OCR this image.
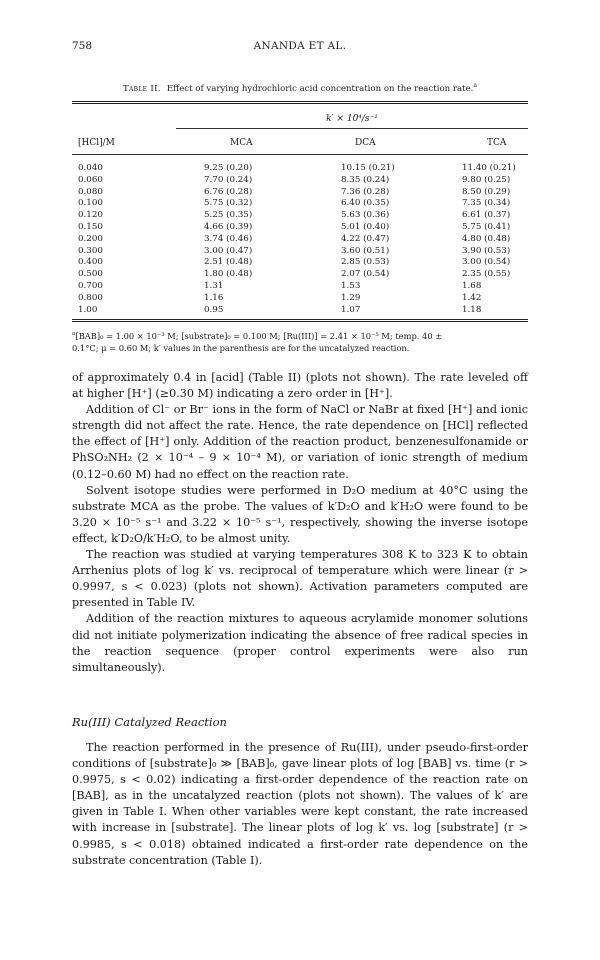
758	ANANDA ET AL.
Table II. Effect of varying hydrochloric acid concentration on the reaction rate.$^a$
k′ × 10⁴/s⁻¹
[HCl]/M	MCA	DCA	TCA
0.040	9.25 (0.20)	10.15 (0.21)	11.40 (0.21)
0.060	7.70 (0.24)	8.35 (0.24)	9.80 (0.25)
0.080	6.76 (0.28)	7.36 (0.28)	8.50 (0.29)
0.100	5.75 (0.32)	6.40 (0.35)	7.35 (0.34)
0.120	5.25 (0.35)	5.63 (0.36)	6.61 (0.37)
0.150	4.66 (0.39)	5.01 (0.40)	5.75 (0.41)
0.200	3.74 (0.46)	4.22 (0.47)	4.80 (0.48)
0.300	3.00 (0.47)	3.60 (0.51)	3.90 (0.53)
0.400	2.51 (0.48)	2.85 (0.53)	3.00 (0.54)
0.500	1.80 (0.48)	2.07 (0.54)	2.35 (0.55)
0.700	1.31	1.53	1.68
0.800	1.16	1.29	1.42
1.00	0.95	1.07	1.18
$^a$[BAB]₀ = 1.00 × 10⁻³ M; [substrate]₀ = 0.100 M; [Ru(III)] = 2.41 × 10⁻⁵ M; temp. 40 ±
0.1°C; μ = 0.60 M; k′ values in the parenthesis are for the uncatalyzed reaction.

of approximately 0.4 in [acid] (Table II) (plots not shown). The rate leveled off at higher [H⁺] (≥0.30 M) indicating a zero order in [H⁺].

Addition of Cl⁻ or Br⁻ ions in the form of NaCl or NaBr at fixed [H⁺] and ionic strength did not affect the rate. Hence, the rate dependence on [HCl] reflected the effect of [H⁺] only. Addition of the reaction product, benzenesulfonamide or PhSO₂NH₂ (2 × 10⁻⁴ – 9 × 10⁻⁴ M), or variation of ionic strength of medium (0.12–0.60 M) had no effect on the reaction rate.

Solvent isotope studies were performed in D₂O medium at 40°C using the substrate MCA as the probe. The values of k′D₂O and k′H₂O were found to be 3.20 × 10⁻⁵ s⁻¹ and 3.22 × 10⁻⁵ s⁻¹, respectively, showing the inverse isotope effect, k′D₂O/k′H₂O, to be almost unity.

The reaction was studied at varying temperatures 308 K to 323 K to obtain Arrhenius plots of log k′ vs. reciprocal of temperature which were linear (r > 0.9997, s < 0.023) (plots not shown). Activation parameters computed are presented in Table IV.

Addition of the reaction mixtures to aqueous acrylamide monomer solutions did not initiate polymerization indicating the absence of free radical species in the reaction sequence (proper control experiments were also run simultaneously).

Ru(III) Catalyzed Reaction

The reaction performed in the presence of Ru(III), under pseudo-first-order conditions of [substrate]₀ ≫ [BAB]₀, gave linear plots of log [BAB] vs. time (r > 0.9975, s < 0.02) indicating a first-order dependence of the reaction rate on [BAB], as in the uncatalyzed reaction (plots not shown). The values of k′ are given in Table I. When other variables were kept constant, the rate increased with increase in [substrate]. The linear plots of log k′ vs. log [substrate] (r > 0.9985, s < 0.018) obtained indicated a first-order rate dependence on the substrate concentration (Table I).
